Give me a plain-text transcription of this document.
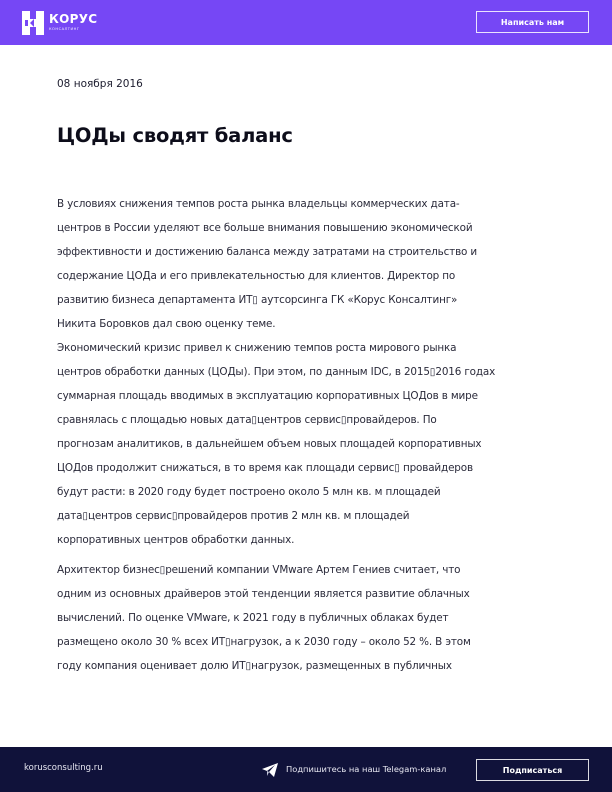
КОРУС
КОНСАЛТИНГ
Написать нам
08 ноября 2016
ЦОДы сводят баланс

В условиях снижения темпов роста рынка владельцы коммерческих дата-
центров в России уделяют все больше внимания повышению экономической
эффективности и достижению баланса между затратами на строительство и
содержание ЦОДа и его привлекательностью для клиентов. Директор по
развитию бизнеса департамента ИТ▯ аутсорсинга ГК «Корус Консалтинг»
Никита Боровков дал свою оценку теме.

Экономический кризис привел к снижению темпов роста мирового рынка
центров обработки данных (ЦОДы). При этом, по данным IDC, в 2015▯2016 годах
суммарная площадь вводимых в эксплуатацию корпоративных ЦОДов в мире
сравнялась с площадью новых дата▯центров сервис▯провайдеров. По
прогнозам аналитиков, в дальнейшем объем новых площадей корпоративных
ЦОДов продолжит снижаться, в то время как площади сервис▯ провайдеров
будут расти: в 2020 году будет построено около 5 млн кв. м площадей
дата▯центров сервис▯провайдеров против 2 млн кв. м площадей
корпоративных центров обработки данных.

Архитектор бизнес▯решений компании VMware Артем Гениев считает, что
одним из основных драйверов этой тенденции является развитие облачных
вычислений. По оценке VMware, к 2021 году в публичных облаках будет
размещено около 30 % всех ИТ▯нагрузок, а к 2030 году – около 52 %. В этом
году компания оценивает долю ИТ▯нагрузок, размещенных в публичных

korusconsulting.ru	Подпишитесь на наш Telegam-канал	Подписаться
